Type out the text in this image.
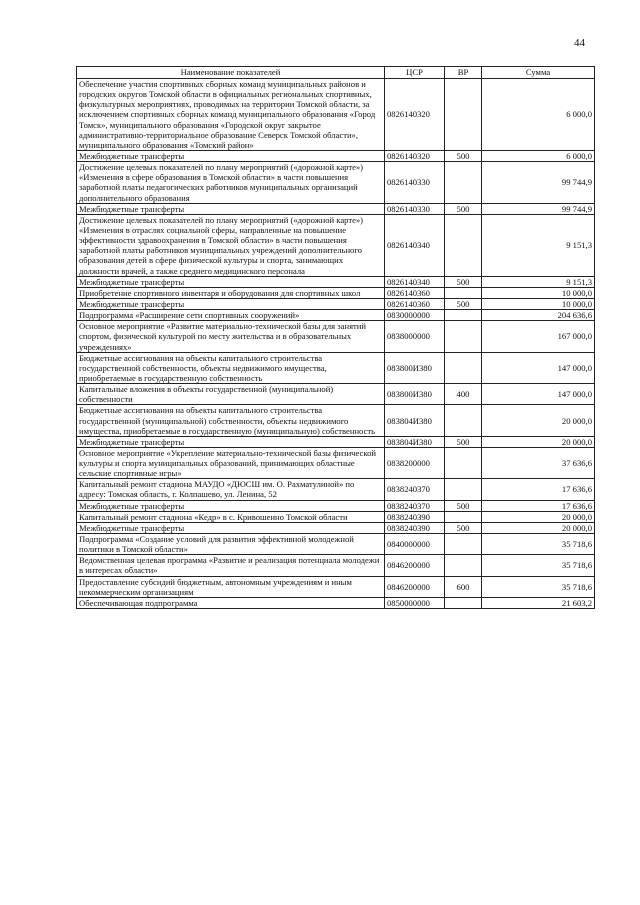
44
Наименование показателей	ЦСР	ВР	Сумма
Обеспечение участия спортивных сборных команд муниципальных районов и городских округов Томской области в официальных региональных спортивных, физкультурных мероприятиях, проводимых на территории Томской области, за исключением спортивных сборных команд муниципального образования «Город Томск», муниципального образования «Городской округ закрытое административно-территориальное образование Северск Томской области», муниципального образования «Томский район»	0826140320		6 000,0
Межбюджетные трансферты	0826140320	500	6 000,0
Достижение целевых показателей по плану мероприятий («дорожной карте») «Изменения в сфере образования в Томской области» в части повышения заработной платы педагогических работников муниципальных организаций дополнительного образования	0826140330		99 744,9
Межбюджетные трансферты	0826140330	500	99 744,9
Достижение целевых показателей по плану мероприятий («дорожной карте») «Изменения в отраслях социальной сферы, направленные на повышение эффективности здравоохранения в Томской области» в части повышения заработной платы работников муниципальных учреждений дополнительного образования детей в сфере физической культуры и спорта, занимающих должности врачей, а также среднего медицинского персонала	0826140340		9 151,3
Межбюджетные трансферты	0826140340	500	9 151,3
Приобретение спортивного инвентаря и оборудования для спортивных школ	0826140360		10 000,0
Межбюджетные трансферты	0826140360	500	10 000,0
Подпрограмма «Расширение сети спортивных сооружений»	0830000000		204 636,6
Основное мероприятие «Развитие материально-технической базы для занятий спортом, физической культурой по месту жительства и в образовательных учреждениях»	0838000000		167 000,0
Бюджетные ассигнования на объекты капитального строительства государственной собственности, объекты недвижимого имущества, приобретаемые в государственную собственность	083800И380		147 000,0
Капитальные вложения в объекты государственной (муниципальной) собственности	083800И380	400	147 000,0
Бюджетные ассигнования на объекты капитального строительства государственной (муниципальной) собственности, объекты недвижимого имущества, приобретаемые в государственную (муниципальную) собственность	083804И380		20 000,0
Межбюджетные трансферты	083804И380	500	20 000,0
Основное мероприятие «Укрепление материально-технической базы физической культуры и спорта муниципальных образований, принимающих областные сельские спортивные игры»	0838200000		37 636,6
Капитальный ремонт стадиона МАУДО «ДЮСШ им. О. Рахматулиной» по адресу: Томская область, г. Колпашево, ул. Ленина, 52	0838240370		17 636,6
Межбюджетные трансферты	0838240370	500	17 636,6
Капитальный ремонт стадиона «Кедр» в с. Кривошеино Томской области	0838240390		20 000,0
Межбюджетные трансферты	0838240390	500	20 000,0
Подпрограмма «Создание условий для развития эффективной молодежной политики в Томской области»	0840000000		35 718,6
Ведомственная целевая программа «Развитие и реализация потенциала молодежи в интересах области»	0846200000		35 718,6
Предоставление субсидий бюджетным, автономным учреждениям и иным некоммерческим организациям	0846200000	600	35 718,6
Обеспечивающая подпрограмма	0850000000		21 603,2
